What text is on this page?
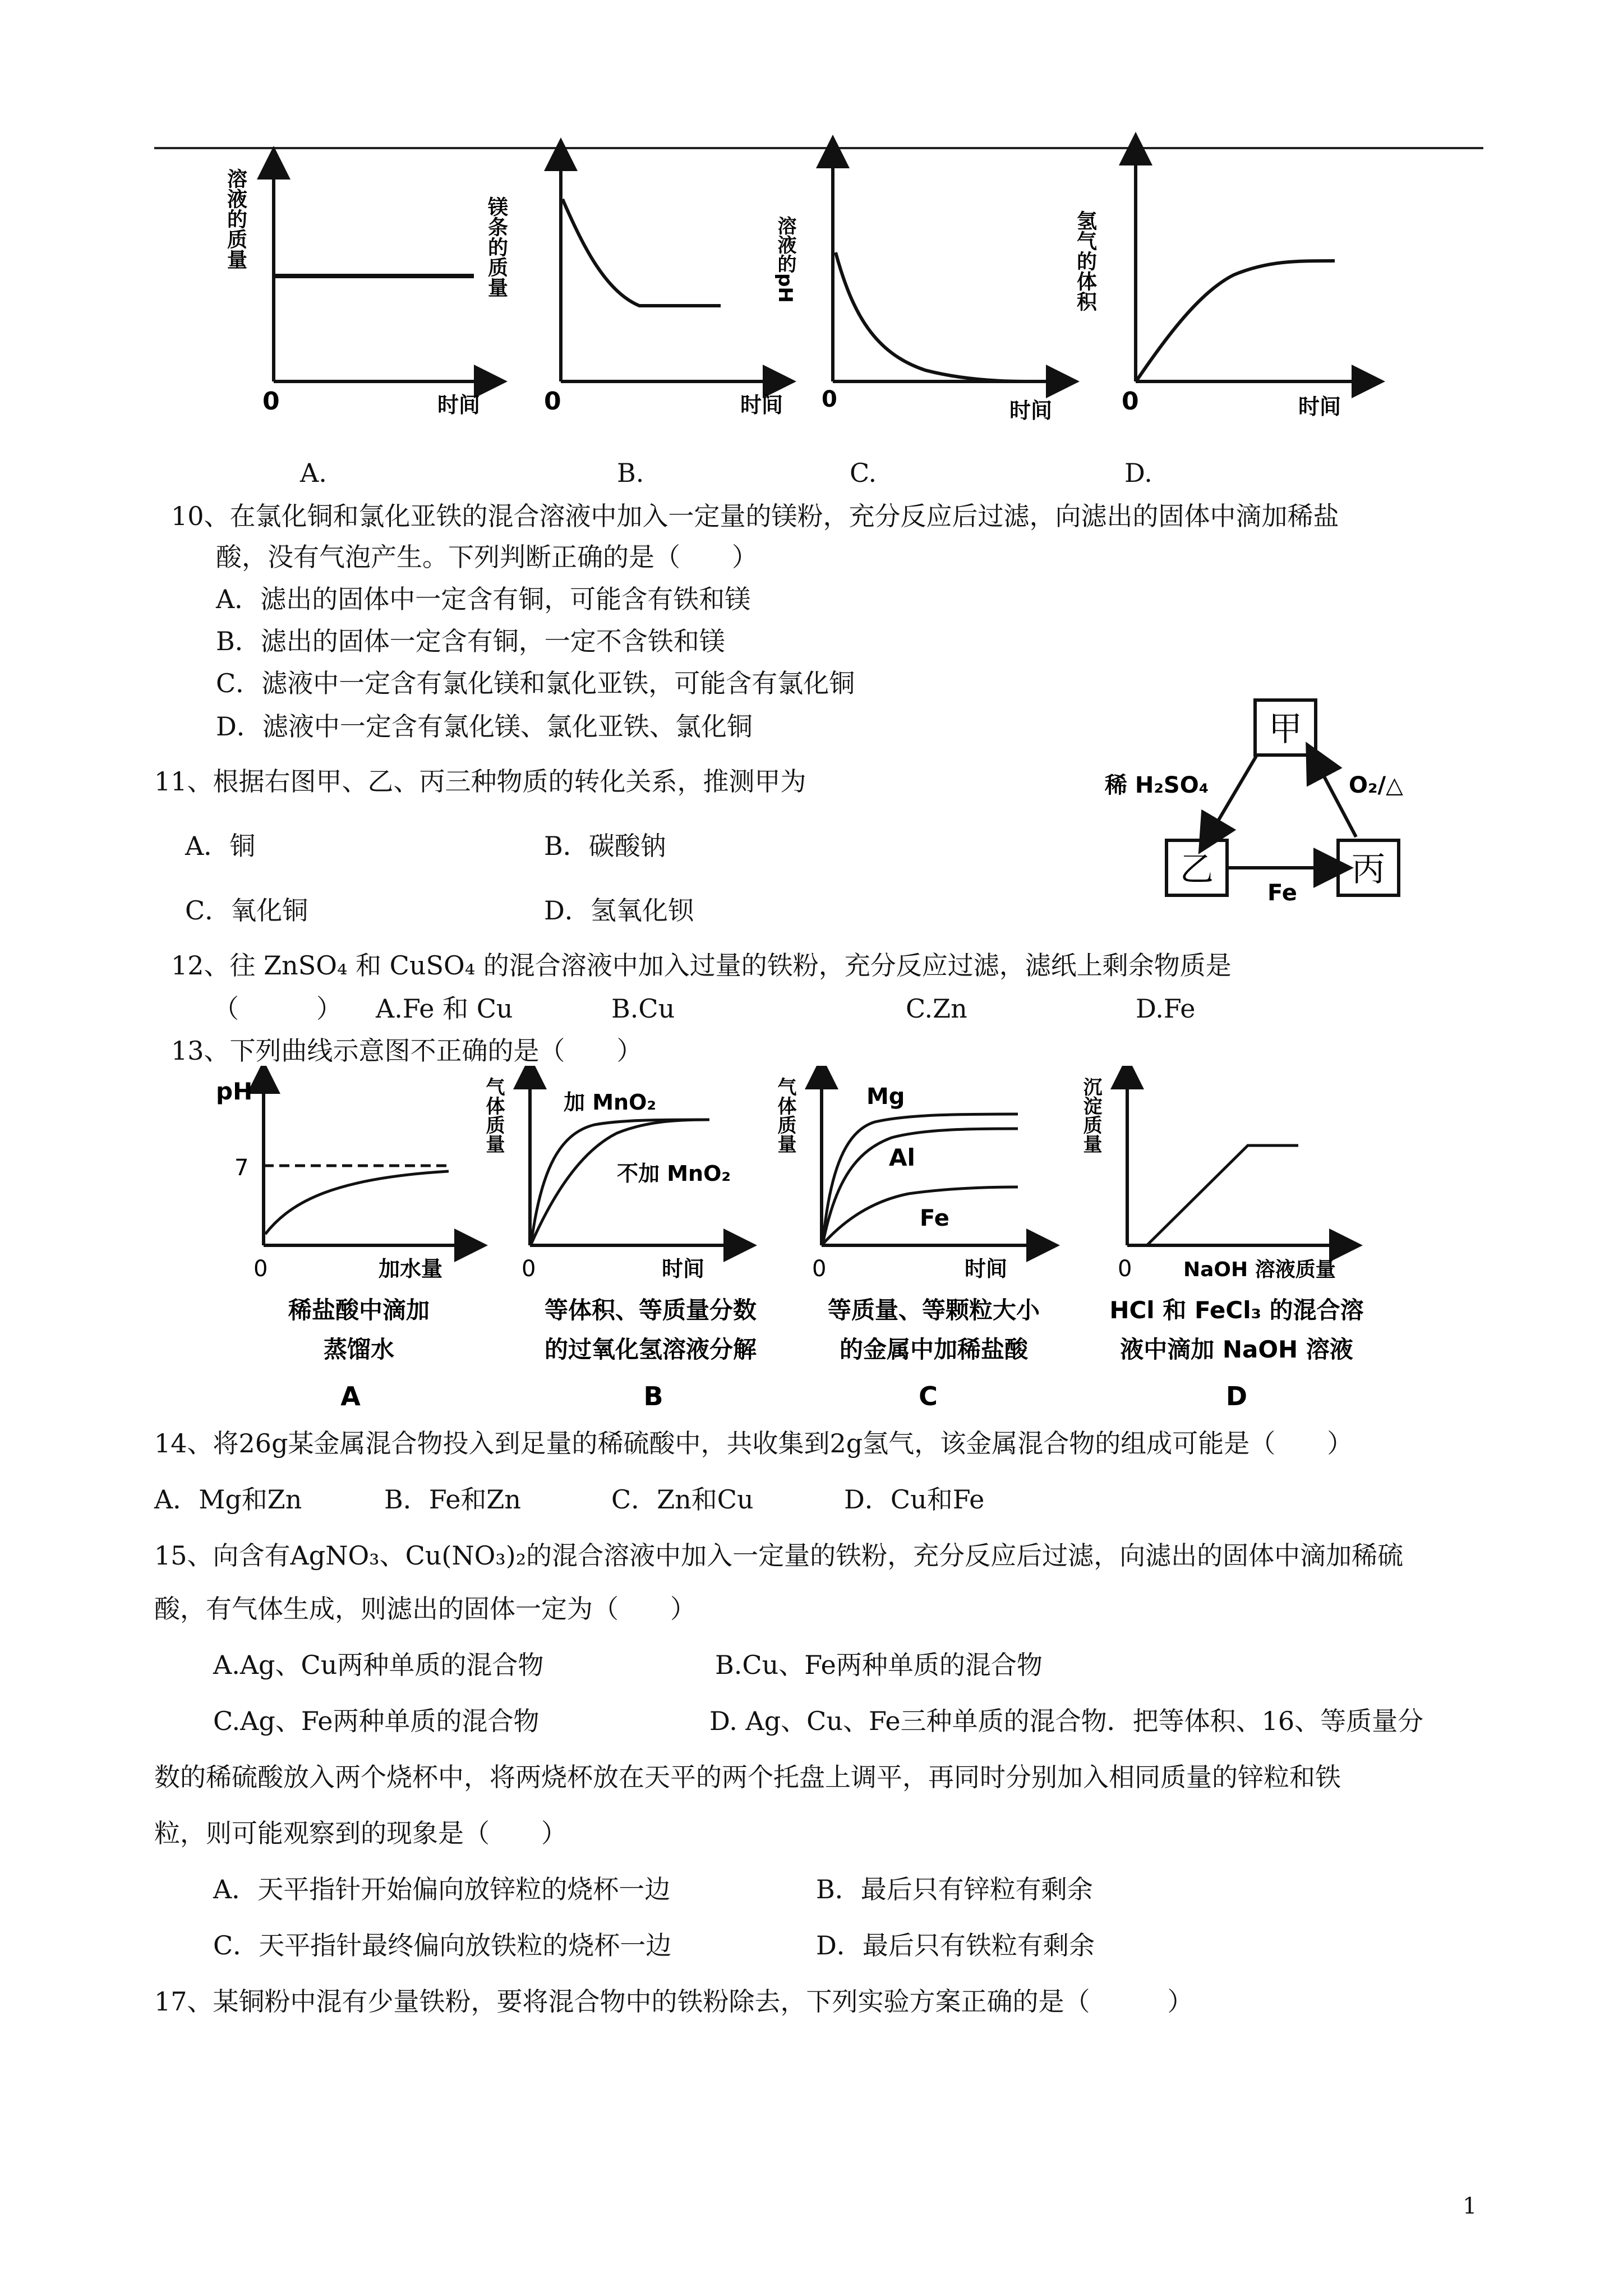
0	时间
溶液的质量
0	时间
镁条的质量
0	时间
溶液的pH
0	时间
氢气的体积
A.	B.	C.	D.
10、在氯化铜和氯化亚铁的混合溶液中加入一定量的镁粉，充分反应后过滤，向滤出的固体中滴加稀盐
酸，没有气泡产生。下列判断正确的是（　　）
A．滤出的固体中一定含有铜，可能含有铁和镁
B．滤出的固体一定含有铜，一定不含铁和镁
C．滤液中一定含有氯化镁和氯化亚铁，可能含有氯化铜
D．滤液中一定含有氯化镁、氯化亚铁、氯化铜
11、根据右图甲、乙、丙三种物质的转化关系，推测甲为
A．铜	B．碳酸钠
C．氧化铜	D．氢氧化钡
甲
乙	丙
稀 H₂SO₄	O₂/△
Fe
12、往 ZnSO₄ 和 CuSO₄ 的混合溶液中加入过量的铁粉，充分反应过滤，滤纸上剩余物质是
（　　　） A.Fe 和 Cu	B.Cu	C.Zn	D.Fe
13、下列曲线示意图不正确的是（　　）
pH
7
0	加水量
气体质量	加 MnO₂
不加 MnO₂
0	时间
气体质量	Mg
Al
Fe
0	时间
沉淀质量
0	NaOH 溶液质量
稀盐酸中滴加
蒸馏水
A
等体积、等质量分数
的过氧化氢溶液分解
B
等质量、等颗粒大小
的金属中加稀盐酸
C
HCl 和 FeCl₃ 的混合溶
液中滴加 NaOH 溶液
D
14、将26g某金属混合物投入到足量的稀硫酸中，共收集到2g氢气，该金属混合物的组成可能是（　　）
A．Mg和Zn	B．Fe和Zn	C．Zn和Cu	D．Cu和Fe
15、向含有AgNO₃、Cu(NO₃)₂的混合溶液中加入一定量的铁粉，充分反应后过滤，向滤出的固体中滴加稀硫
酸，有气体生成，则滤出的固体一定为（　　）
A.Ag、Cu两种单质的混合物	B.Cu、Fe两种单质的混合物
C.Ag、Fe两种单质的混合物	D. Ag、Cu、Fe三种单质的混合物．把等体积、16、等质量分
数的稀硫酸放入两个烧杯中，将两烧杯放在天平的两个托盘上调平，再同时分别加入相同质量的锌粒和铁
粒，则可能观察到的现象是（　　）
A．天平指针开始偏向放锌粒的烧杯一边	B．最后只有锌粒有剩余
C．天平指针最终偏向放铁粒的烧杯一边	D．最后只有铁粒有剩余
17、某铜粉中混有少量铁粉，要将混合物中的铁粉除去，下列实验方案正确的是（　　　）
1
